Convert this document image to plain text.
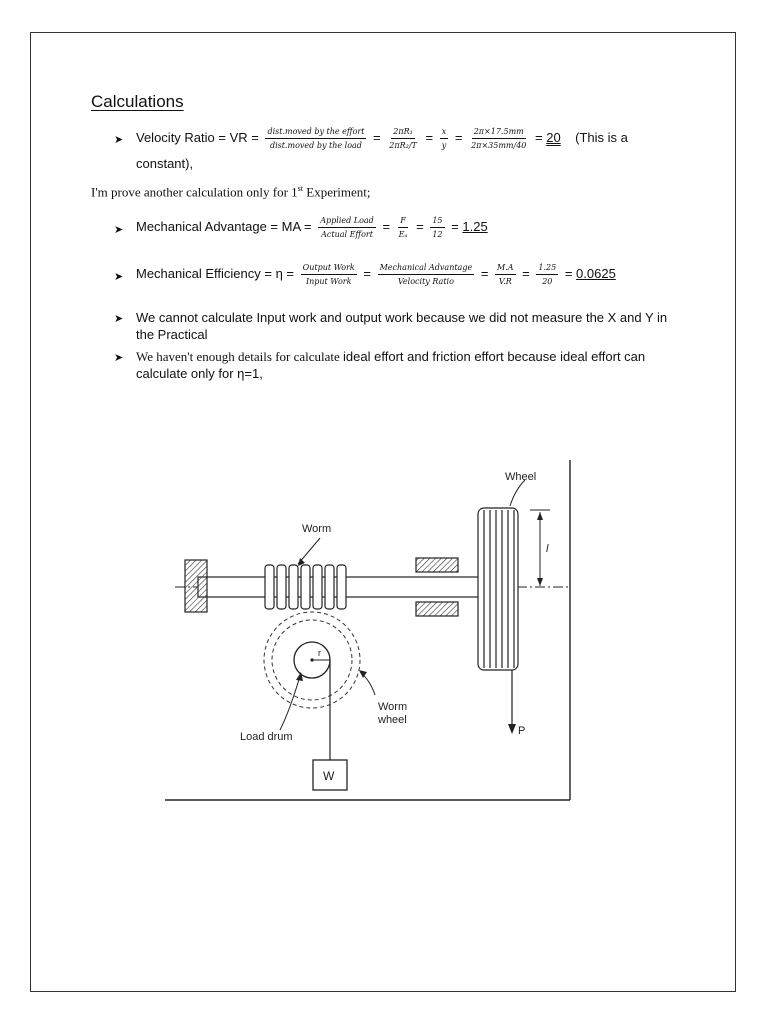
Calculations
➤ Velocity Ratio = VR = $\frac{\text{dist.moved by the effort}}{\text{dist.moved by the load}} = \frac{\text{2πR₁}}{\text{2πR₂/T}} = \frac{x}{y} = \frac{2\pi\times 17.5mm}{2\pi\times 35mm/40} = 20$ (This is a
constant),
I'm prove another calculation only for 1st Experiment;
➤ Mechanical Advantage = MA = $\frac{\text{Applied Load}}{\text{Actual Effort}} = \frac{F}{\text{Eₐ}} = \frac{15}{12} = 1.25$
➤ Mechanical Efficiency = $\eta = \frac{\text{Output Work}}{\text{Input Work}} = \frac{\text{Mechanical Advantage}}{\text{Velocity Ratio}} = \frac{M.A}{V.R} = \frac{1.25}{20} = 0.0625$
➤ We cannot calculate Input work and output work because we did not measure the X and Y in
the Practical
➤ We haven't enough details for calculate ideal effort and friction effort because ideal effort can
calculate only for η=1,
Wheel
Worm
l
r
Worm
wheel
Load drum
W
P
